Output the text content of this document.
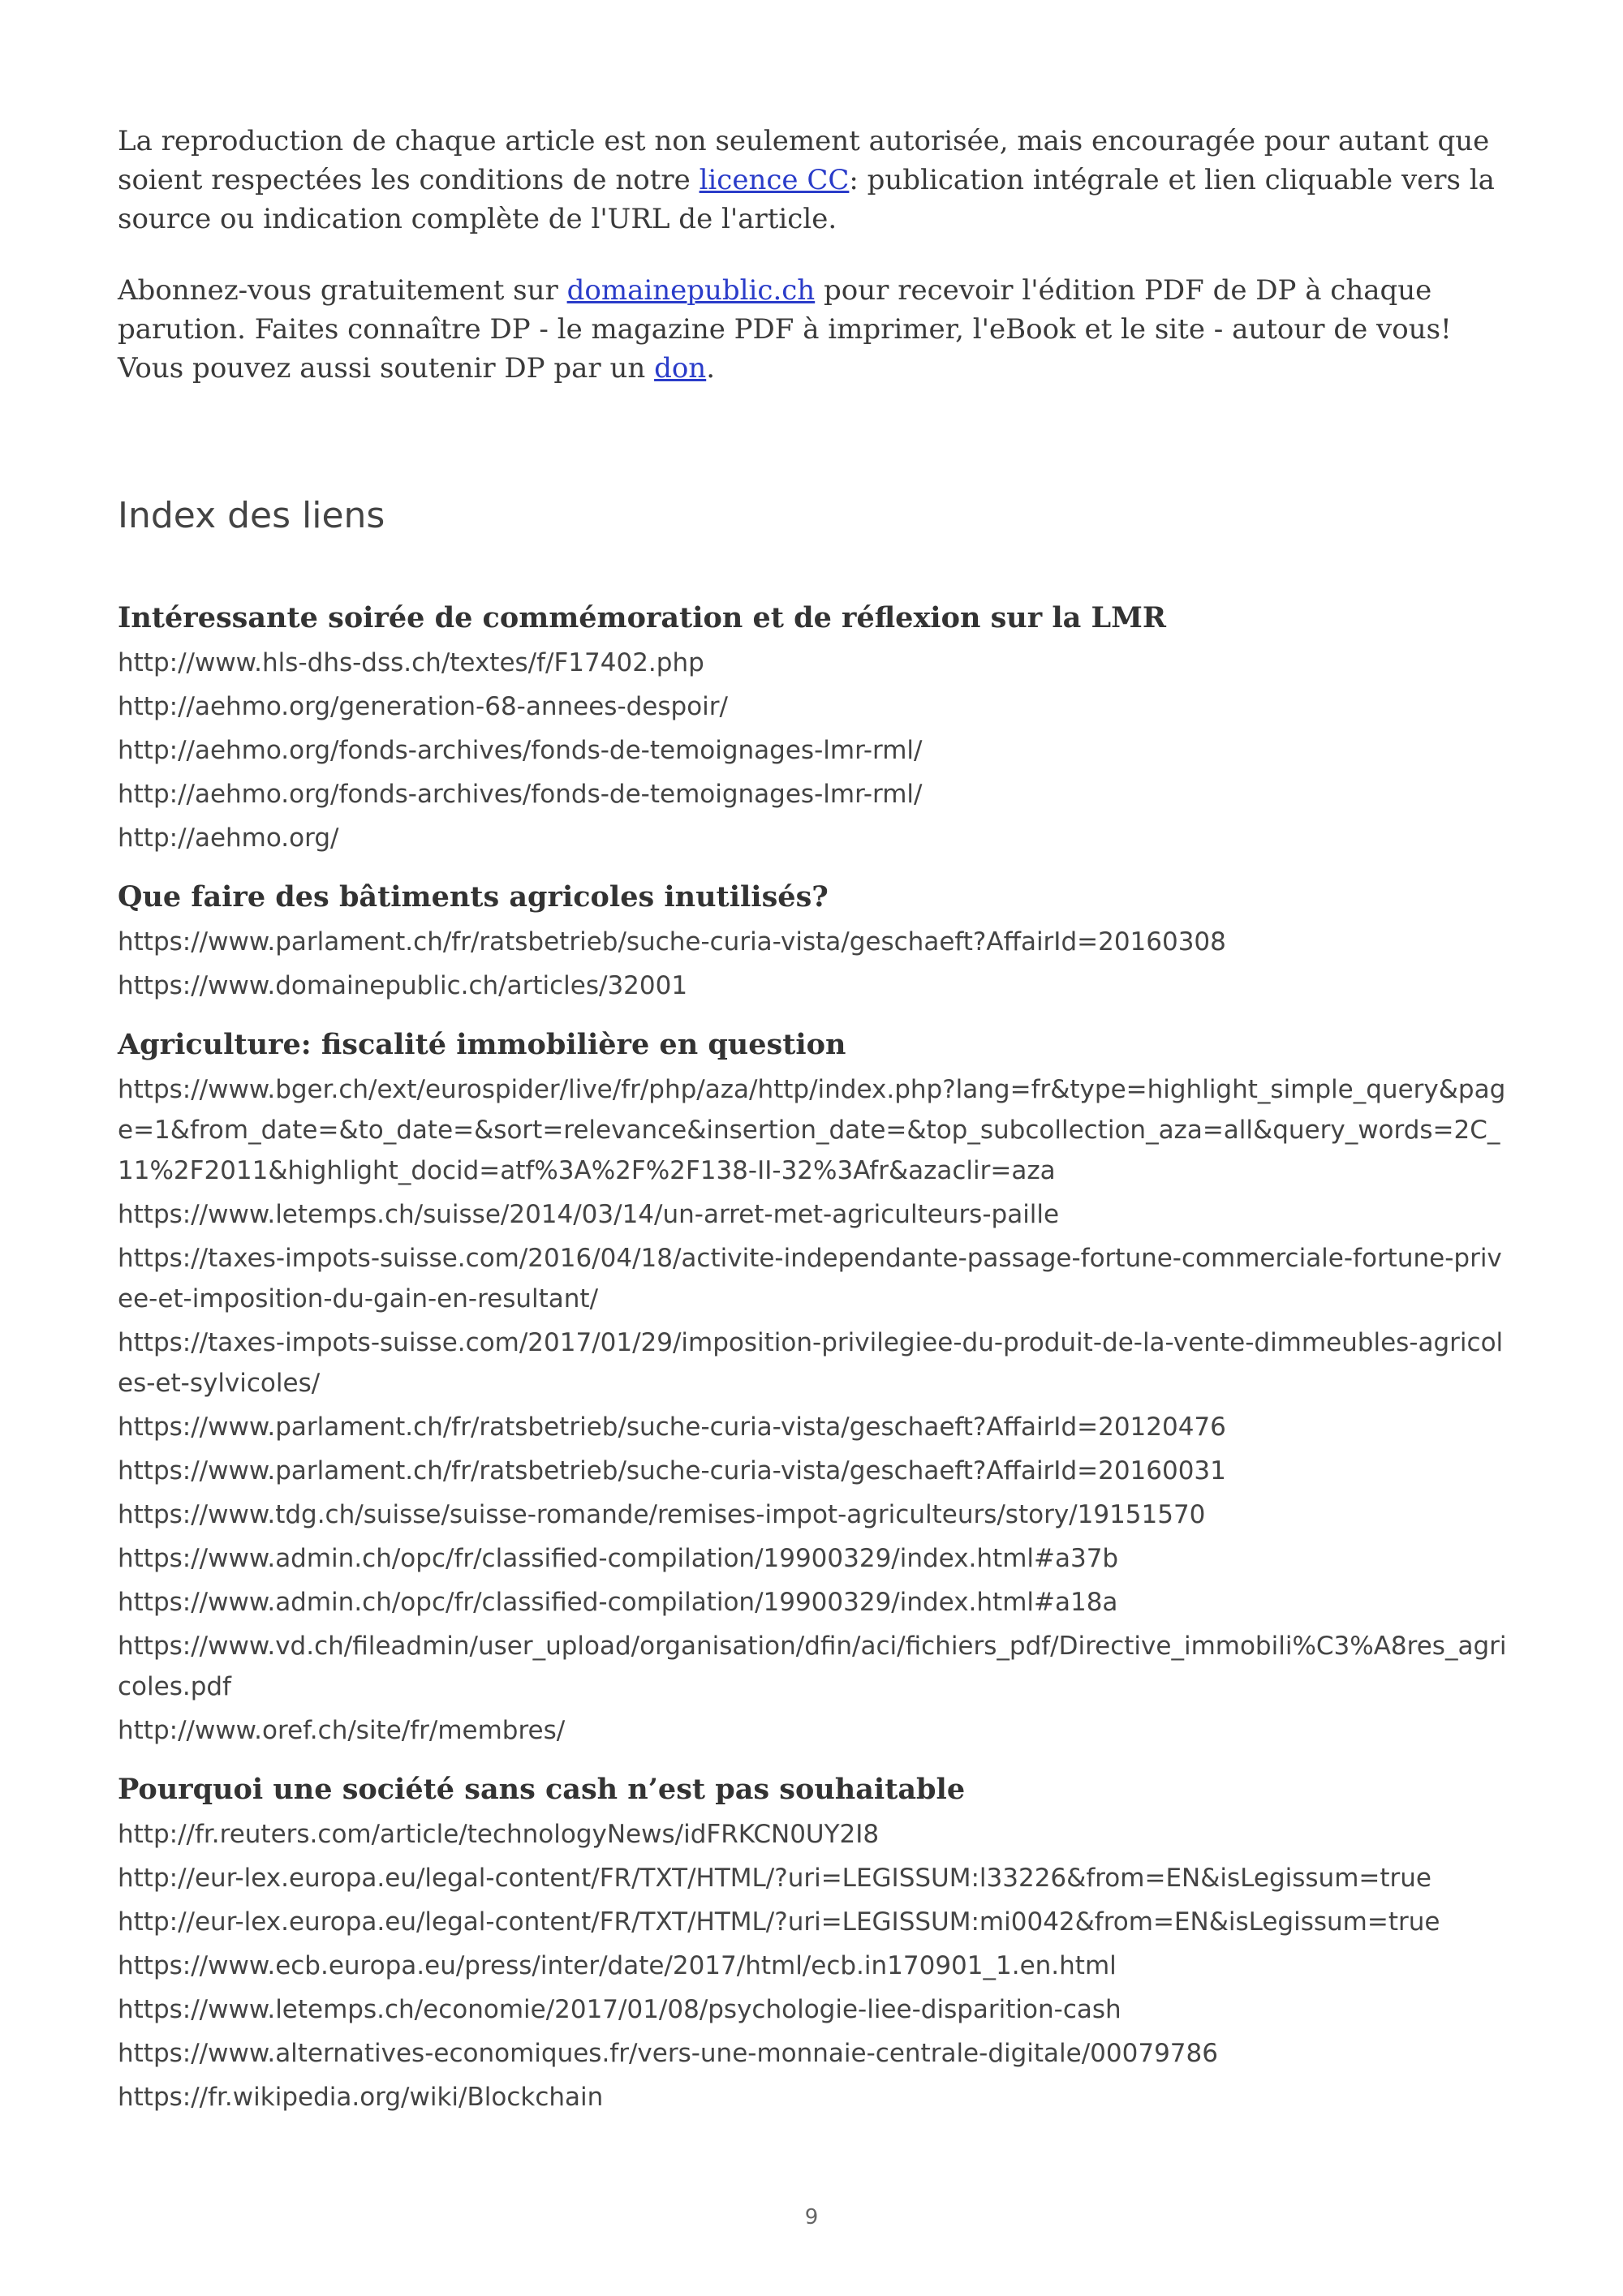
La reproduction de chaque article est non seulement autorisée, mais encouragée pour autant que soient respectées les conditions de notre licence CC: publication intégrale et lien cliquable vers la source ou indication complète de l'URL de l'article.

Abonnez-vous gratuitement sur domainepublic.ch pour recevoir l'édition PDF de DP à chaque parution. Faites connaître DP - le magazine PDF à imprimer, l'eBook et le site - autour de vous! Vous pouvez aussi soutenir DP par un don.

Index des liens
Intéressante soirée de commémoration et de réflexion sur la LMR
http://www.hls-dhs-dss.ch/textes/f/F17402.php
http://aehmo.org/generation-68-annees-despoir/
http://aehmo.org/fonds-archives/fonds-de-temoignages-lmr-rml/
http://aehmo.org/fonds-archives/fonds-de-temoignages-lmr-rml/
http://aehmo.org/
Que faire des bâtiments agricoles inutilisés?
https://www.parlament.ch/fr/ratsbetrieb/suche-curia-vista/geschaeft?AffairId=20160308
https://www.domainepublic.ch/articles/32001
Agriculture: fiscalité immobilière en question
https://www.bger.ch/ext/eurospider/live/fr/php/aza/http/index.php?lang=fr&type=highlight_simple_query&page=1&from_date=&to_date=&sort=relevance&insertion_date=&top_subcollection_aza=all&query_words=2C_11%2F2011&highlight_docid=atf%3A%2F%2F138-II-32%3Afr&azaclir=aza
https://www.letemps.ch/suisse/2014/03/14/un-arret-met-agriculteurs-paille
https://taxes-impots-suisse.com/2016/04/18/activite-independante-passage-fortune-commerciale-fortune-privee-et-imposition-du-gain-en-resultant/
https://taxes-impots-suisse.com/2017/01/29/imposition-privilegiee-du-produit-de-la-vente-dimmeubles-agricoles-et-sylvicoles/
https://www.parlament.ch/fr/ratsbetrieb/suche-curia-vista/geschaeft?AffairId=20120476
https://www.parlament.ch/fr/ratsbetrieb/suche-curia-vista/geschaeft?AffairId=20160031
https://www.tdg.ch/suisse/suisse-romande/remises-impot-agriculteurs/story/19151570
https://www.admin.ch/opc/fr/classified-compilation/19900329/index.html#a37b
https://www.admin.ch/opc/fr/classified-compilation/19900329/index.html#a18a
https://www.vd.ch/fileadmin/user_upload/organisation/dfin/aci/fichiers_pdf/Directive_immobili%C3%A8res_agricoles.pdf
http://www.oref.ch/site/fr/membres/
Pourquoi une société sans cash n’est pas souhaitable
http://fr.reuters.com/article/technologyNews/idFRKCN0UY2I8
http://eur-lex.europa.eu/legal-content/FR/TXT/HTML/?uri=LEGISSUM:l33226&from=EN&isLegissum=true
http://eur-lex.europa.eu/legal-content/FR/TXT/HTML/?uri=LEGISSUM:mi0042&from=EN&isLegissum=true
https://www.ecb.europa.eu/press/inter/date/2017/html/ecb.in170901_1.en.html
https://www.letemps.ch/economie/2017/01/08/psychologie-liee-disparition-cash
https://www.alternatives-economiques.fr/vers-une-monnaie-centrale-digitale/00079786
https://fr.wikipedia.org/wiki/Blockchain
9
